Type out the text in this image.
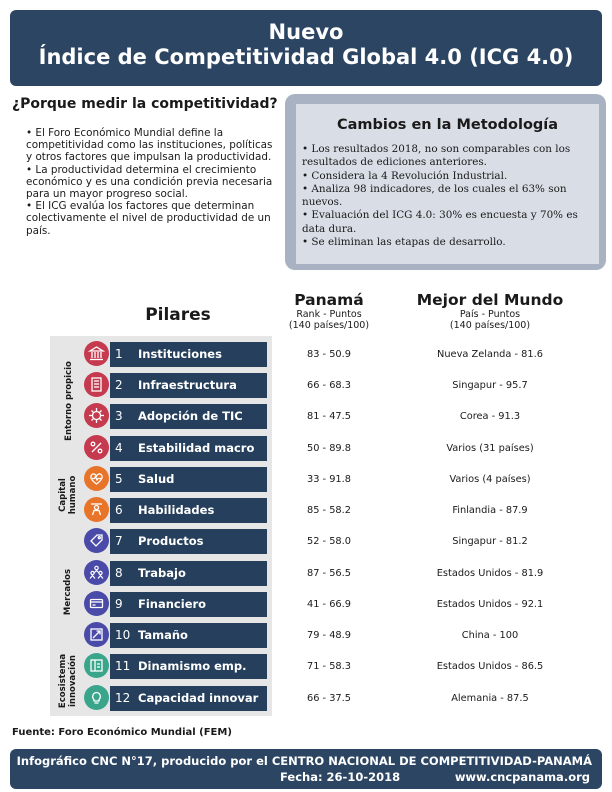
Nuevo
Índice de Competitividad Global 4.0 (ICG 4.0)
¿Porque medir la competitividad?

• El Foro Económico Mundial define la competitividad como las instituciones, políticas y otros factores que impulsan la productividad.

• La productividad determina el crecimiento económico y es una condición previa necesaria para un mayor progreso social.

• El ICG evalúa los factores que determinan colectivamente el nivel de productividad de un país.

Cambios en la Metodología

• Los resultados 2018, no son comparables con los resultados de ediciones anteriores.

• Considera la 4 Revolución Industrial.

• Analiza 98 indicadores, de los cuales el 63% son nuevos.

• Evaluación del ICG 4.0: 30% es encuesta y 70% es data dura.

• Se eliminan las etapas de desarrollo.

Pilares
Panamá
Rank - Puntos
(140 países/100)
Mejor del Mundo
País - Puntos
(140 países/100)
Entorno propicio
Capital humano
Mercados
Ecosistema innovación
1 Instituciones
2 Infraestructura
3 Adopción de TIC
4 Estabilidad macro
5 Salud
6 Habilidades
7 Productos
8 Trabajo
9 Financiero
10 Tamaño
11 Dinamismo emp.
12 Capacidad innovar
83 - 50.9
66 - 68.3
81 - 47.5
50 - 89.8
33 - 91.8
85 - 58.2
52 - 58.0
87 - 56.5
41 - 66.9
79 - 48.9
71 - 58.3
66 - 37.5
Nueva Zelanda - 81.6
Singapur - 95.7
Corea - 91.3
Varios (31 países)
Varios (4 países)
Finlandia - 87.9
Singapur - 81.2
Estados Unidos - 81.9
Estados Unidos - 92.1
China - 100
Estados Unidos - 86.5
Alemania - 87.5
Fuente: Foro Económico Mundial (FEM)
Infográfico CNC N°17, producido por el CENTRO NACIONAL DE COMPETITIVIDAD-PANAMÁ
Fecha: 26-10-2018	www.cncpanama.org
